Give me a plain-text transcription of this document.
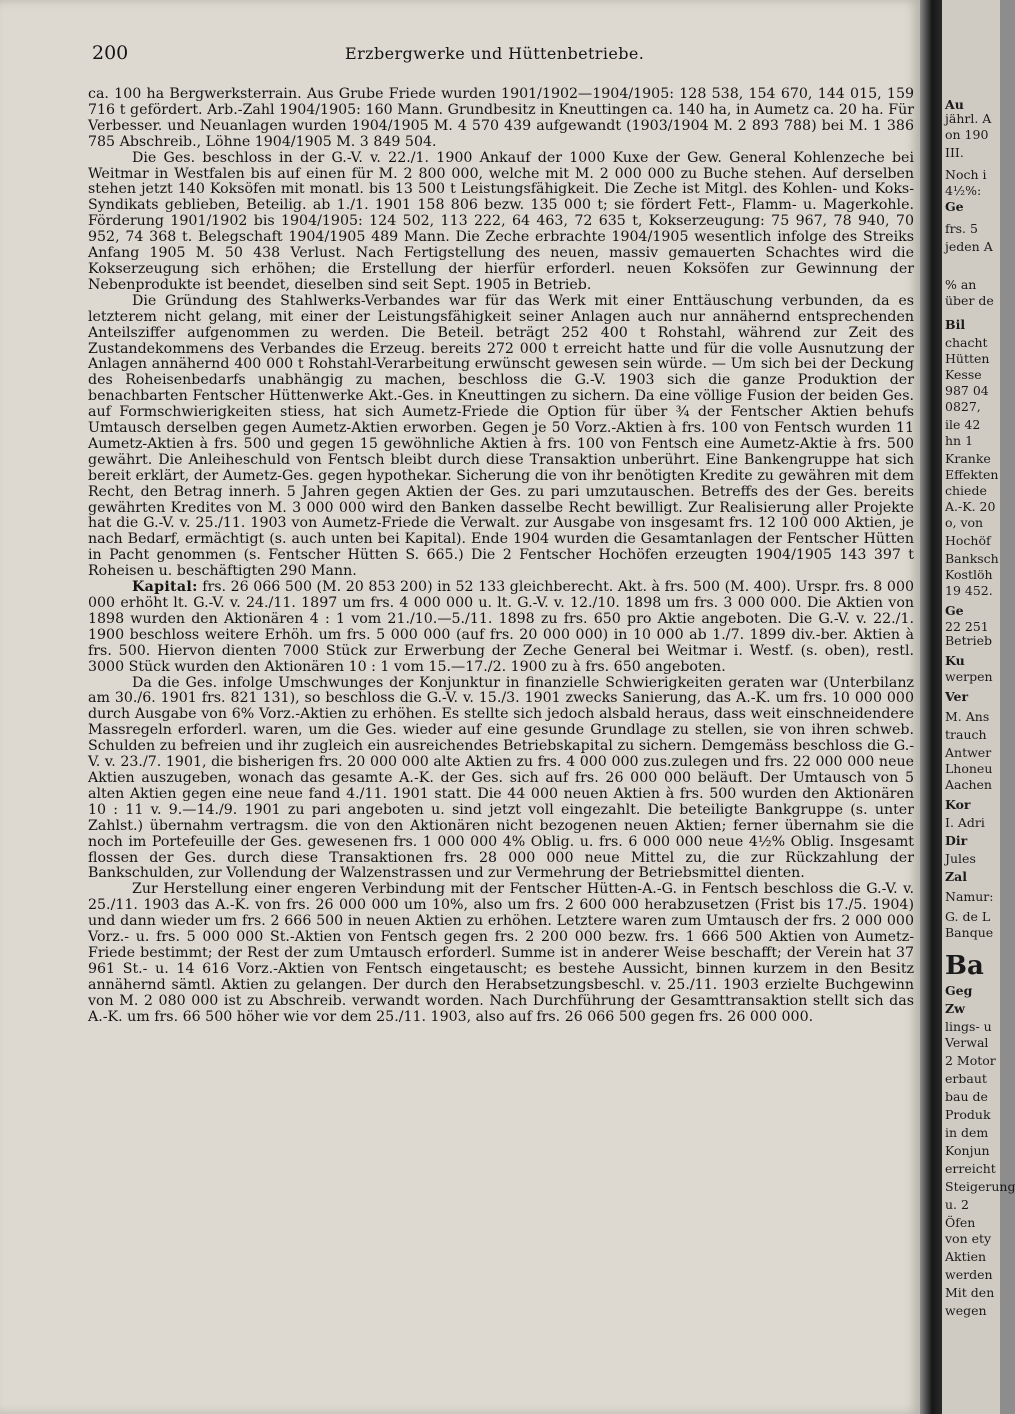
200	Erzbergwerke und Hüttenbetriebe.

ca. 100 ha Bergwerksterrain. Aus Grube Friede wurden 1901/1902—1904/1905: 128 538, 154 670, 144 015, 159 716 t gefördert. Arb.-Zahl 1904/1905: 160 Mann. Grundbesitz in Kneuttingen ca. 140 ha, in Aumetz ca. 20 ha. Für Verbesser. und Neuanlagen wurden 1904/1905 M. 4 570 439 aufgewandt (1903/1904 M. 2 893 788) bei M. 1 386 785 Abschreib., Löhne 1904/1905 M. 3 849 504.

Die Ges. beschloss in der G.-V. v. 22./1. 1900 Ankauf der 1000 Kuxe der Gew. General Kohlenzeche bei Weitmar in Westfalen bis auf einen für M. 2 800 000, welche mit M. 2 000 000 zu Buche stehen. Auf derselben stehen jetzt 140 Koksöfen mit monatl. bis 13 500 t Leistungsfähigkeit. Die Zeche ist Mitgl. des Kohlen- und Koks-Syndikats geblieben, Beteilig. ab 1./1. 1901 158 806 bezw. 135 000 t; sie fördert Fett-, Flamm- u. Magerkohle. Förderung 1901/1902 bis 1904/1905: 124 502, 113 222, 64 463, 72 635 t, Kokserzeugung: 75 967, 78 940, 70 952, 74 368 t. Belegschaft 1904/1905 489 Mann. Die Zeche erbrachte 1904/1905 wesentlich infolge des Streiks Anfang 1905 M. 50 438 Verlust. Nach Fertigstellung des neuen, massiv gemauerten Schachtes wird die Kokserzeugung sich erhöhen; die Erstellung der hierfür erforderl. neuen Koksöfen zur Gewinnung der Nebenprodukte ist beendet, dieselben sind seit Sept. 1905 in Betrieb.

Die Gründung des Stahlwerks-Verbandes war für das Werk mit einer Enttäuschung verbunden, da es letzterem nicht gelang, mit einer der Leistungsfähigkeit seiner Anlagen auch nur annähernd entsprechenden Anteilsziffer aufgenommen zu werden. Die Beteil. beträgt 252 400 t Rohstahl, während zur Zeit des Zustandekommens des Verbandes die Erzeug. bereits 272 000 t erreicht hatte und für die volle Ausnutzung der Anlagen annähernd 400 000 t Rohstahl-Verarbeitung erwünscht gewesen sein würde. — Um sich bei der Deckung des Roheisenbedarfs unabhängig zu machen, beschloss die G.-V. 1903 sich die ganze Produktion der benachbarten Fentscher Hüttenwerke Akt.-Ges. in Kneuttingen zu sichern. Da eine völlige Fusion der beiden Ges. auf Formschwierigkeiten stiess, hat sich Aumetz-Friede die Option für über ¾ der Fentscher Aktien behufs Umtausch derselben gegen Aumetz-Aktien erworben. Gegen je 50 Vorz.-Aktien à frs. 100 von Fentsch wurden 11 Aumetz-Aktien à frs. 500 und gegen 15 gewöhnliche Aktien à frs. 100 von Fentsch eine Aumetz-Aktie à frs. 500 gewährt. Die Anleiheschuld von Fentsch bleibt durch diese Transaktion unberührt. Eine Bankengruppe hat sich bereit erklärt, der Aumetz-Ges. gegen hypothekar. Sicherung die von ihr benötigten Kredite zu gewähren mit dem Recht, den Betrag innerh. 5 Jahren gegen Aktien der Ges. zu pari umzutauschen. Betreffs des der Ges. bereits gewährten Kredites von M. 3 000 000 wird den Banken dasselbe Recht bewilligt. Zur Realisierung aller Projekte hat die G.-V. v. 25./11. 1903 von Aumetz-Friede die Verwalt. zur Ausgabe von insgesamt frs. 12 100 000 Aktien, je nach Bedarf, ermächtigt (s. auch unten bei Kapital). Ende 1904 wurden die Gesamtanlagen der Fentscher Hütten in Pacht genommen (s. Fentscher Hütten S. 665.) Die 2 Fentscher Hochöfen erzeugten 1904/1905 143 397 t Roheisen u. beschäftigten 290 Mann.

Kapital: frs. 26 066 500 (M. 20 853 200) in 52 133 gleichberecht. Akt. à frs. 500 (M. 400). Urspr. frs. 8 000 000 erhöht lt. G.-V. v. 24./11. 1897 um frs. 4 000 000 u. lt. G.-V. v. 12./10. 1898 um frs. 3 000 000. Die Aktien von 1898 wurden den Aktionären 4 : 1 vom 21./10.—5./11. 1898 zu frs. 650 pro Aktie angeboten. Die G.-V. v. 22./1. 1900 beschloss weitere Erhöh. um frs. 5 000 000 (auf frs. 20 000 000) in 10 000 ab 1./7. 1899 div.-ber. Aktien à frs. 500. Hiervon dienten 7000 Stück zur Erwerbung der Zeche General bei Weitmar i. Westf. (s. oben), restl. 3000 Stück wurden den Aktionären 10 : 1 vom 15.—17./2. 1900 zu à frs. 650 angeboten.

Da die Ges. infolge Umschwunges der Konjunktur in finanzielle Schwierigkeiten geraten war (Unterbilanz am 30./6. 1901 frs. 821 131), so beschloss die G.-V. v. 15./3. 1901 zwecks Sanierung, das A.-K. um frs. 10 000 000 durch Ausgabe von 6% Vorz.-Aktien zu erhöhen. Es stellte sich jedoch alsbald heraus, dass weit einschneidendere Massregeln erforderl. waren, um die Ges. wieder auf eine gesunde Grundlage zu stellen, sie von ihren schweb. Schulden zu befreien und ihr zugleich ein ausreichendes Betriebskapital zu sichern. Demgemäss beschloss die G.-V. v. 23./7. 1901, die bisherigen frs. 20 000 000 alte Aktien zu frs. 4 000 000 zus.zulegen und frs. 22 000 000 neue Aktien auszugeben, wonach das gesamte A.-K. der Ges. sich auf frs. 26 000 000 beläuft. Der Umtausch von 5 alten Aktien gegen eine neue fand 4./11. 1901 statt. Die 44 000 neuen Aktien à frs. 500 wurden den Aktionären 10 : 11 v. 9.—14./9. 1901 zu pari angeboten u. sind jetzt voll eingezahlt. Die beteiligte Bankgruppe (s. unter Zahlst.) übernahm vertragsm. die von den Aktionären nicht bezogenen neuen Aktien; ferner übernahm sie die noch im Portefeuille der Ges. gewesenen frs. 1 000 000 4% Oblig. u. frs. 6 000 000 neue 4½% Oblig. Insgesamt flossen der Ges. durch diese Transaktionen frs. 28 000 000 neue Mittel zu, die zur Rückzahlung der Bankschulden, zur Vollendung der Walzenstrassen und zur Vermehrung der Betriebsmittel dienten.

Zur Herstellung einer engeren Verbindung mit der Fentscher Hütten-A.-G. in Fentsch beschloss die G.-V. v. 25./11. 1903 das A.-K. von frs. 26 000 000 um 10%, also um frs. 2 600 000 herabzusetzen (Frist bis 17./5. 1904) und dann wieder um frs. 2 666 500 in neuen Aktien zu erhöhen. Letztere waren zum Umtausch der frs. 2 000 000 Vorz.- u. frs. 5 000 000 St.-Aktien von Fentsch gegen frs. 2 200 000 bezw. frs. 1 666 500 Aktien von Aumetz-Friede bestimmt; der Rest der zum Umtausch erforderl. Summe ist in anderer Weise beschafft; der Verein hat 37 961 St.- u. 14 616 Vorz.-Aktien von Fentsch eingetauscht; es bestehe Aussicht, binnen kurzem in den Besitz annähernd sämtl. Aktien zu gelangen. Der durch den Herabsetzungsbeschl. v. 25./11. 1903 erzielte Buchgewinn von M. 2 080 000 ist zu Abschreib. verwandt worden. Nach Durchführung der Gesamttransaktion stellt sich das A.-K. um frs. 66 500 höher wie vor dem 25./11. 1903, also auf frs. 26 066 500 gegen frs. 26 000 000.

Au
jährl. A
on 190
III.
Noch i
4½%:
Ge
frs. 5
jeden A
% an
über de
Bil
chacht
Hütten
Kesse
987 04
0827,
ile 42
hn 1
Kranke
Effekten
chiede
A.-K. 20
o, von
Hochöf
Banksch
Kostlöh
19 452.
Ge
22 251
Betrieb
Ku
werpen
Ver
M. Ans
trauch
Antwer
Lhoneu
Aachen
Kor
I. Adri
Dir
Jules
Zal
Namur:
G. de L
Banque
Ba
Geg
Zw
lings- u
Verwal
2 Motor
erbaut
bau de
Produk
in dem
Konjun
erreicht
Steigerung
u. 2
Öfen
von ety
Aktien
werden
Mit den
wegen
